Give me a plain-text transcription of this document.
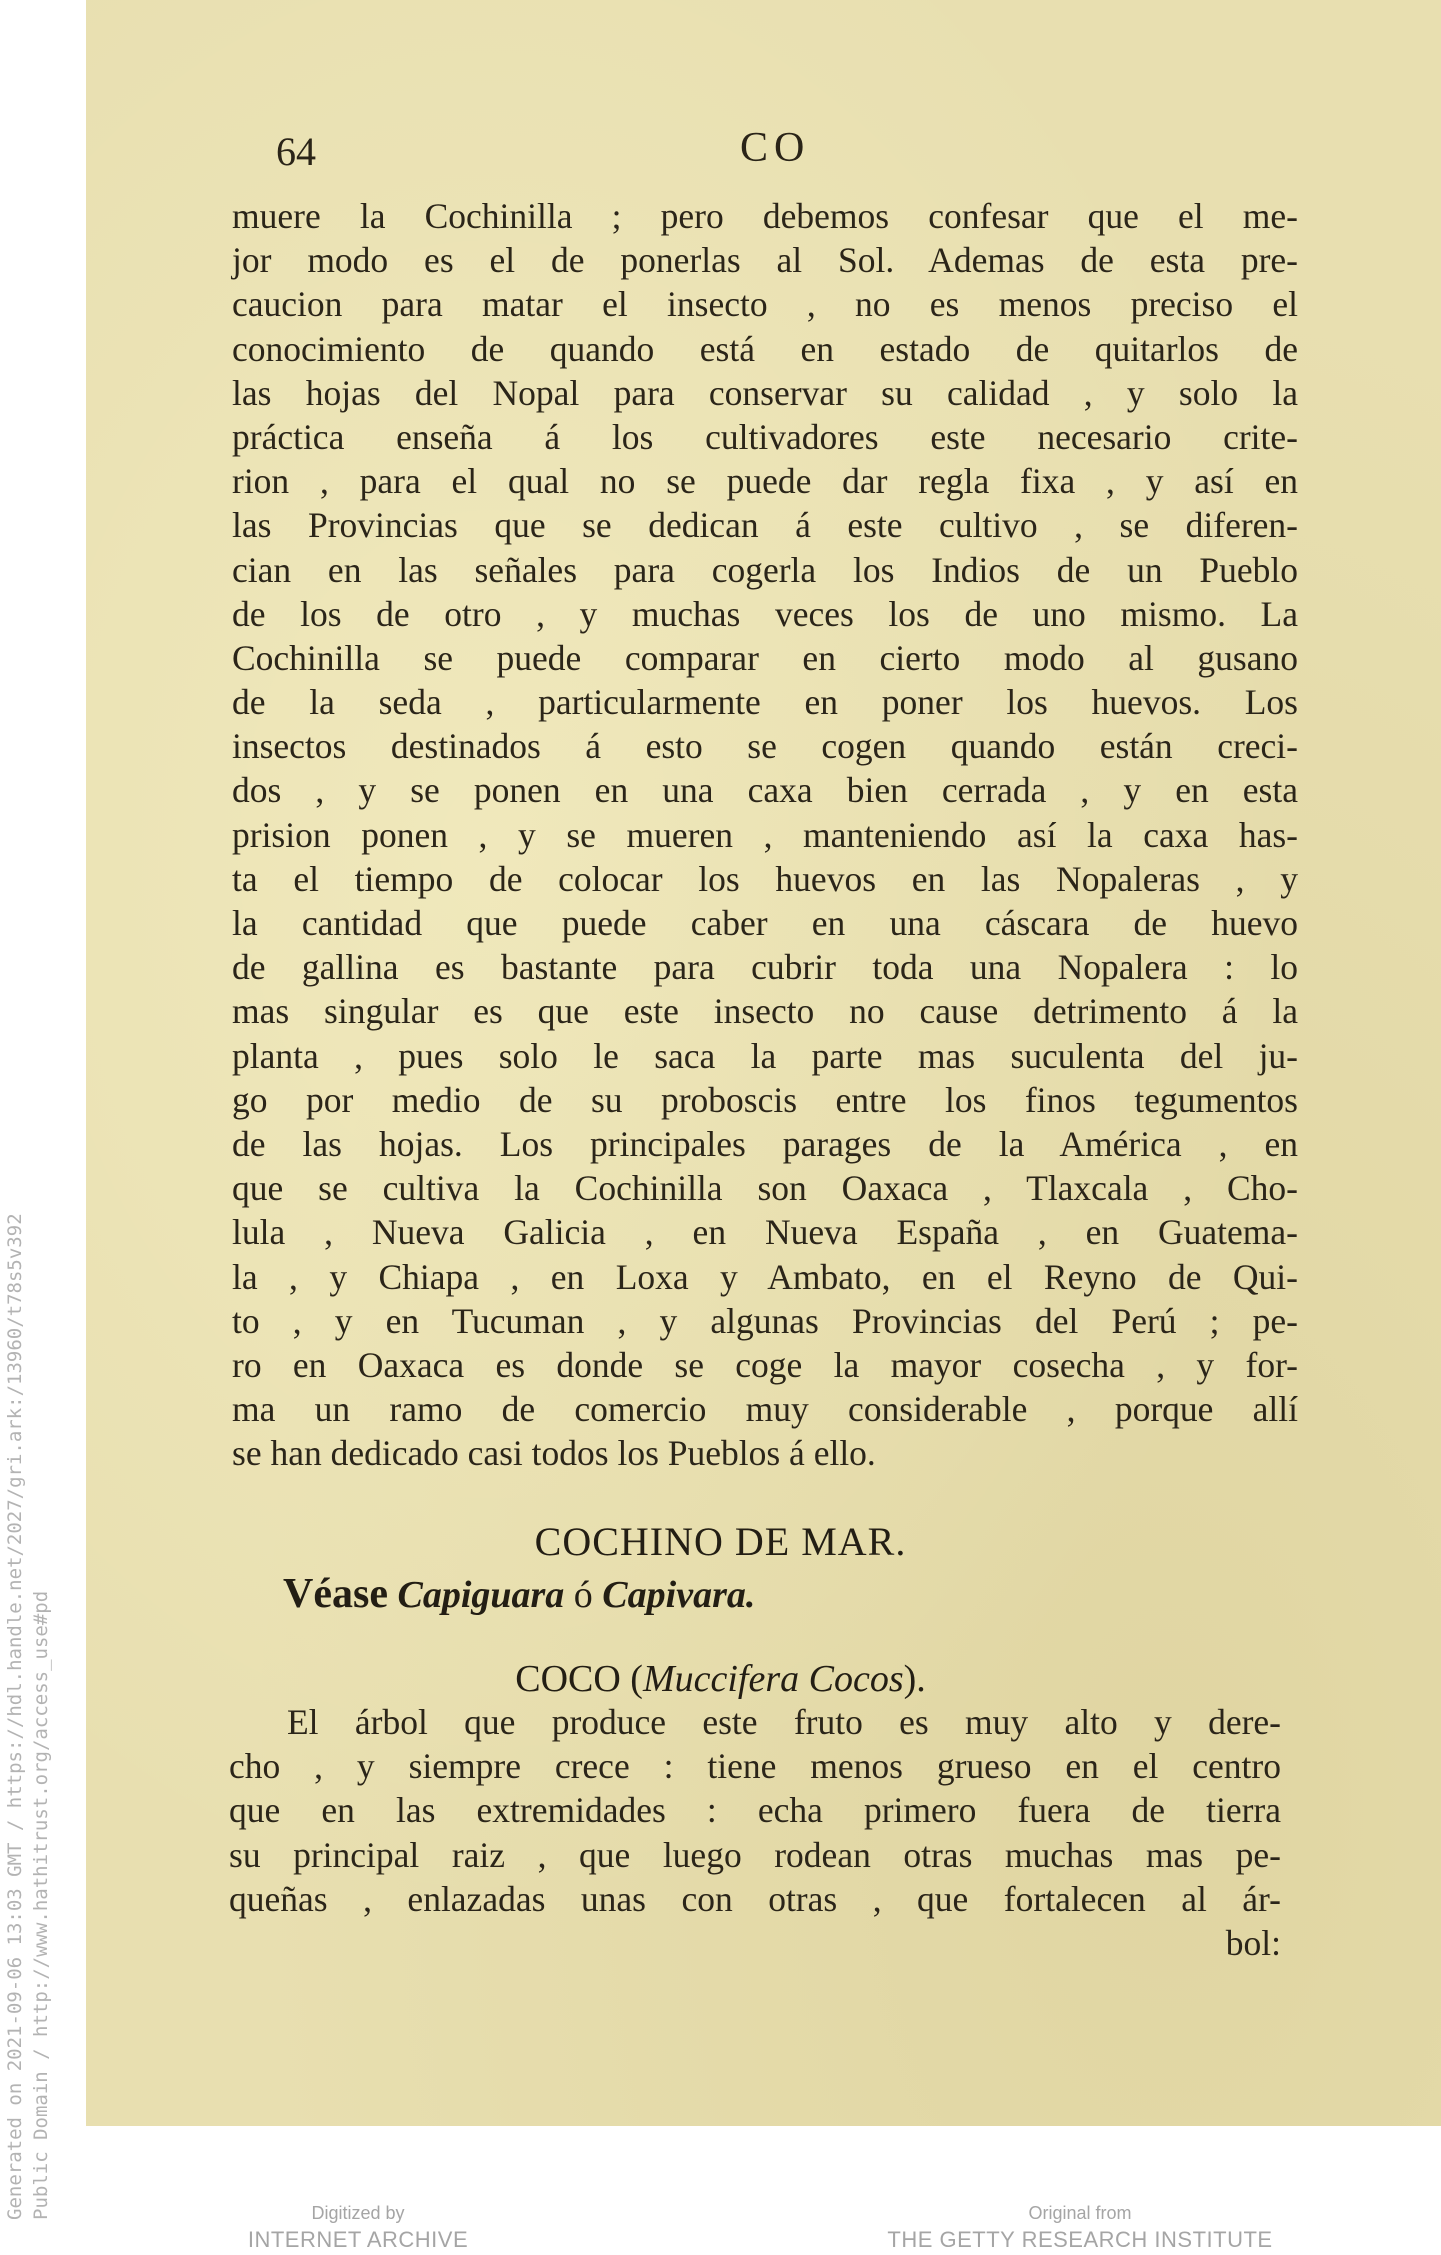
Generated on 2021-09-06 13:03 GMT / https://hdl.handle.net/2027/gri.ark:/13960/t78s5v392 Public Domain / http://www.hathitrust.org/access_use#pd
64	CO
muere la Cochinilla ; pero debemos confesar que el me-
jor modo es el de ponerlas al Sol. Ademas de esta pre-
caucion para matar el insecto , no es menos preciso el
conocimiento de quando está en estado de quitarlos de
las hojas del Nopal para conservar su calidad , y solo la
práctica enseña á los cultivadores este necesario crite-
rion , para el qual no se puede dar regla fixa , y así en
las Provincias que se dedican á este cultivo , se diferen-
cian en las señales para cogerla los Indios de un Pueblo
de los de otro , y muchas veces los de uno mismo. La
Cochinilla se puede comparar en cierto modo al gusano
de la seda , particularmente en poner los huevos. Los
insectos destinados á esto se cogen quando están creci-
dos , y se ponen en una caxa bien cerrada , y en esta
prision ponen , y se mueren , manteniendo así la caxa has-
ta el tiempo de colocar los huevos en las Nopaleras , y
la cantidad que puede caber en una cáscara de huevo
de gallina es bastante para cubrir toda una Nopalera : lo
mas singular es que este insecto no cause detrimento á la
planta , pues solo le saca la parte mas suculenta del ju-
go por medio de su proboscis entre los finos tegumentos
de las hojas. Los principales parages de la América , en
que se cultiva la Cochinilla son Oaxaca , Tlaxcala , Cho-
lula , Nueva Galicia , en Nueva España , en Guatema-
la , y Chiapa , en Loxa y Ambato, en el Reyno de Qui-
to , y en Tucuman , y algunas Provincias del Perú ; pe-
ro en Oaxaca es donde se coge la mayor cosecha , y for-
ma un ramo de comercio muy considerable , porque allí
se han dedicado casi todos los Pueblos á ello.
COCHINO DE MAR.
Véase Capiguara ó Capivara.
COCO (Muccifera Cocos).
El árbol que produce este fruto es muy alto y dere-
cho , y siempre crece : tiene menos grueso en el centro
que en las extremidades : echa primero fuera de tierra
su principal raiz , que luego rodean otras muchas mas pe-
queñas , enlazadas unas con otras , que fortalecen al ár-
bol:
Digitized by
INTERNET ARCHIVE
Original from
THE GETTY RESEARCH INSTITUTE
